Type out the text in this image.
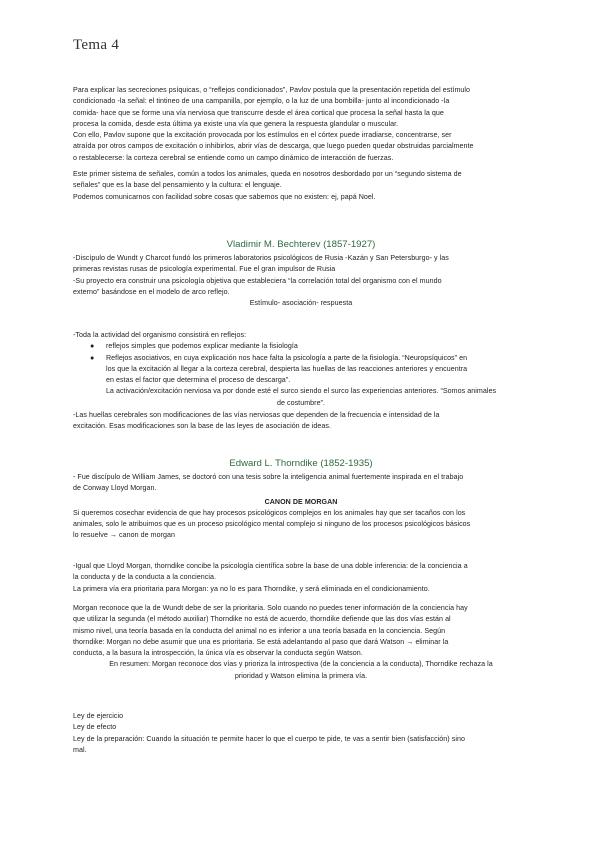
Tema 4

Para explicar las secreciones psíquicas, o “reflejos condicionados”, Pavlov postula que la presentación repetida del estímulo

condicionado -la señal: el tintineo de una campanilla, por ejemplo, o la luz de una bombilla- junto al incondicionado -la

comida- hace que se forme una vía nerviosa que transcurre desde el área cortical que procesa la señal hasta la que

procesa la comida, desde esta última ya existe una vía que genera la respuesta glandular o muscular.

Con ello, Pavlov supone que la excitación provocada por los estímulos en el córtex puede irradiarse, concentrarse, ser

atraída por otros campos de excitación o inhibirlos, abrir vías de descarga, que luego pueden quedar obstruidas parcialmente

o restablecerse: la corteza cerebral se entiende como un campo dinámico de interacción de fuerzas.

Este primer sistema de señales, común a todos los animales, queda en nosotros desbordado por un “segundo sistema de

señales” que es la base del pensamiento y la cultura: el lenguaje.

Podemos comunicarnos con facilidad sobre cosas que sabemos que no existen: ej, papá Noel.

Vladimir M. Bechterev (1857-1927)

-Discípulo de Wundt y Charcot fundó los primeros laboratorios psicológicos de Rusia -Kazán y San Petersburgo- y las

primeras revistas rusas de psicología experimental. Fue el gran impulsor de Rusia

-Su proyecto era construir una psicología objetiva que estableciera “la correlación total del organismo con el mundo

externo” basándose en el modelo de arco reflejo.

Estímulo- asociación- respuesta

-Toda la actividad del organismo consistirá en reflejos:

● reflejos simples que podemos explicar mediante la fisiología
● Reflejos asociativos, en cuya explicación nos hace falta la psicología a parte de la fisiología. “Neuropsíquicos” en
los que la excitación al llegar a la corteza cerebral, despierta las huellas de las reacciones anteriores y encuentra
en estas el factor que determina el proceso de descarga”.

La activación/excitación nerviosa va por donde esté el surco siendo el surco las experiencias anteriores. “Somos animales

de costumbre”.

-Las huellas cerebrales son modificaciones de las vías nerviosas que dependen de la frecuencia e intensidad de la

excitación. Esas modificaciones son la base de las leyes de asociación de ideas.

Edward L. Thorndike (1852-1935)

- Fue discípulo de William James, se doctoró con una tesis sobre la inteligencia animal fuertemente inspirada en el trabajo

de Conway Lloyd Morgan.

CANON DE MORGAN

Si queremos cosechar evidencia de que hay procesos psicológicos complejos en los animales hay que ser tacaños con los

animales, solo le atribuimos que es un proceso psicológico mental complejo si ninguno de los procesos psicológicos básicos

lo resuelve → canon de morgan

-Igual que Lloyd Morgan, thorndike concibe la psicología científica sobre la base de una doble inferencia: de la conciencia a

la conducta y de la conducta a la conciencia.

La primera vía era prioritaria para Morgan: ya no lo es para Thorndike, y será eliminada en el condicionamiento.

Morgan reconoce que la de Wundt debe de ser la prioritaria. Solo cuando no puedes tener información de la conciencia hay

que utilizar la segunda (el método auxiliar) Thorndike no está de acuerdo, thorndike defiende que las dos vías están al

mismo nivel, una teoría basada en la conducta del animal no es inferior a una teoría basada en la conciencia. Según

thorndike: Morgan no debe asumir que una es prioritaria. Se está adelantando al paso que dará Watson → eliminar la

conducta, a la basura la introspección, la única vía es observar la conducta según Watson.

En resumen: Morgan reconoce dos vías y prioriza la introspectiva (de la conciencia a la conducta), Thorndike rechaza la

prioridad y Watson elimina la primera vía.

Ley de ejercicio

Ley de efecto

Ley de la preparación: Cuando la situación te permite hacer lo que el cuerpo te pide, te vas a sentir bien (satisfacción) sino

mal.
